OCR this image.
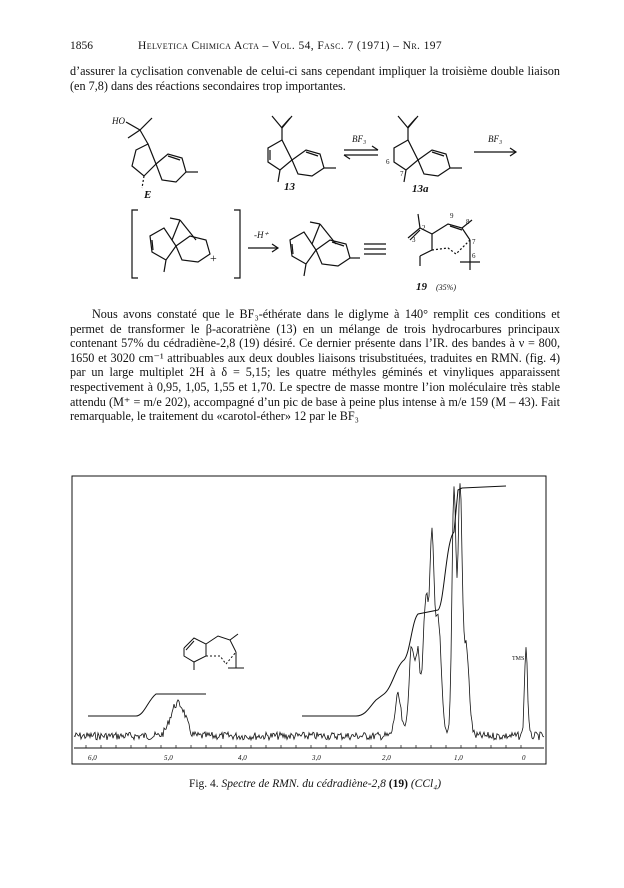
1856	Helvetica Chimica Acta – Vol. 54, Fasc. 7 (1971) – Nr. 197
d’assurer la cyclisation convenable de celui-ci sans cependant impliquer la troisième double liaison (en 7,8) dans des réactions secondaires trop importantes.
HO
E
13
BF₃
6
7
13a
BF₃
+
-H⁺	3
2
9
8
7
6
19 (35%)

Nous avons constaté que le BF₃-éthérate dans le diglyme à 140° remplit ces conditions et permet de transformer le β-acoratriène (13) en un mélange de trois hydrocarbures principaux contenant 57% du cédradiène-2,8 (19) désiré. Ce dernier présente dans l’IR. des bandes à ν = 800, 1650 et 3020 cm⁻¹ attribuables aux deux doubles liaisons trisubstituées, traduites en RMN. (fig. 4) par un large multiplet 2H à δ = 5,15; les quatre méthyles géminés et vinyliques apparaissent respectivement à 0,95, 1,05, 1,55 et 1,70. Le spectre de masse montre l’ion moléculaire très stable attendu (M⁺ = m/e 202), accompagné d’un pic de base à peine plus intense à m/e 159 (M – 43). Fait remarquable, le traitement du «carotol-éther» 12 par le BF₃

6,0	5,0	4,0	3,0	2,0	1,0	0
TMS
Fig. 4. Spectre de RMN. du cédradiène-2,8 (19) (CCl₄)
